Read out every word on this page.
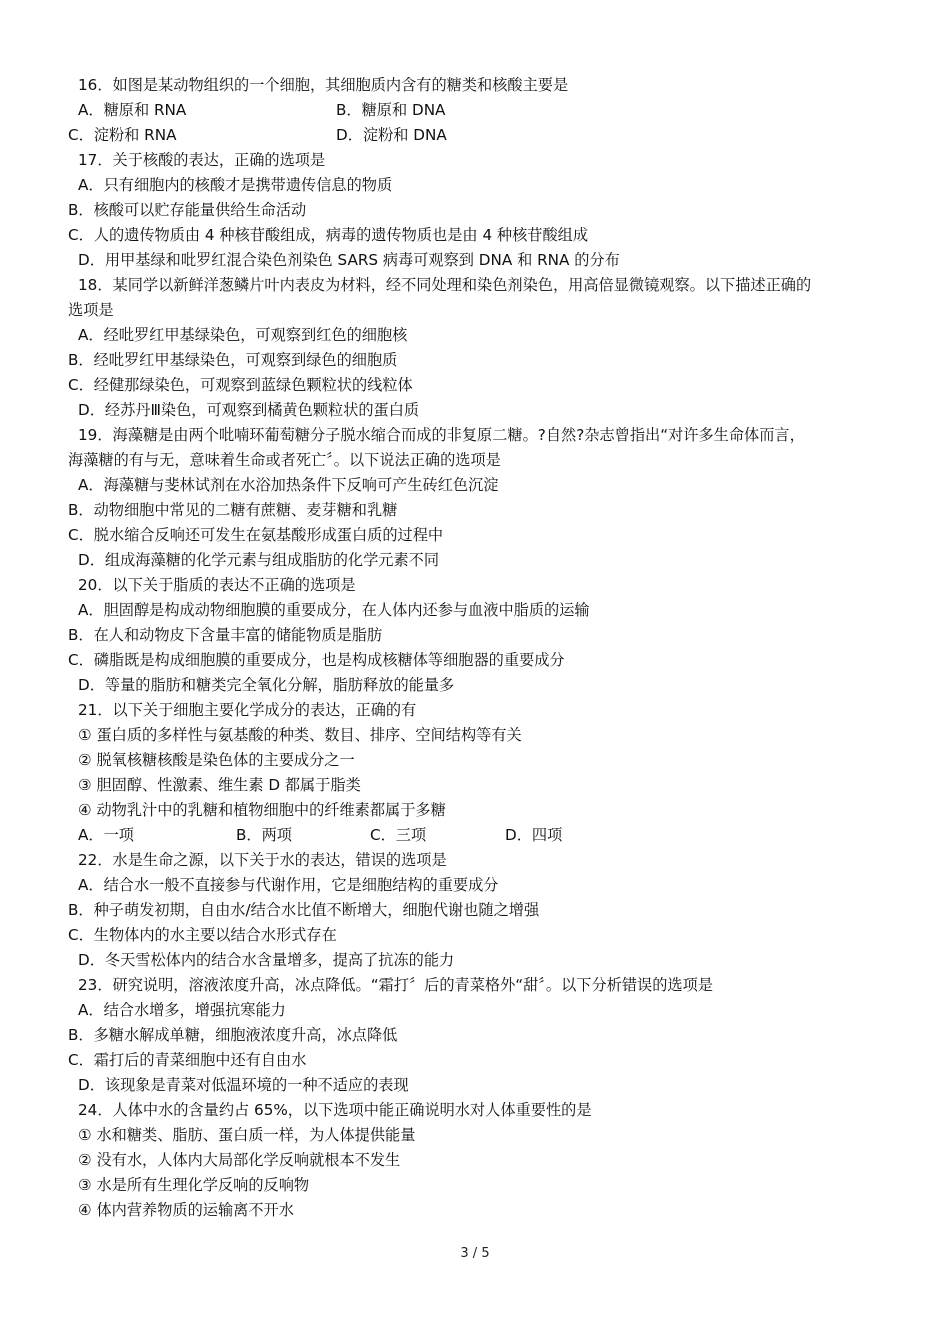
16．如图是某动物组织的一个细胞，其细胞质内含有的糖类和核酸主要是
A．糖原和 RNA	B．糖原和 DNA
C．淀粉和 RNA	D．淀粉和 DNA
17．关于核酸的表达，正确的选项是
A．只有细胞内的核酸才是携带遗传信息的物质
B．核酸可以贮存能量供给生命活动
C．人的遗传物质由 4 种核苷酸组成，病毒的遗传物质也是由 4 种核苷酸组成
D．用甲基绿和吡罗红混合染色剂染色 SARS 病毒可观察到 DNA 和 RNA 的分布
18．某同学以新鲜洋葱鳞片叶内表皮为材料，经不同处理和染色剂染色，用高倍显微镜观察。以下描述正确的
选项是
A．经吡罗红甲基绿染色，可观察到红色的细胞核
B．经吡罗红甲基绿染色，可观察到绿色的细胞质
C．经健那绿染色，可观察到蓝绿色颗粒状的线粒体
D．经苏丹Ⅲ染色，可观察到橘黄色颗粒状的蛋白质
19．海藻糖是由两个吡喃环葡萄糖分子脱水缩合而成的非复原二糖。?自然?杂志曾指出“对许多生命体而言，
海藻糖的有与无，意味着生命或者死亡〞。以下说法正确的选项是
A．海藻糖与斐林试剂在水浴加热条件下反响可产生砖红色沉淀
B．动物细胞中常见的二糖有蔗糖、麦芽糖和乳糖
C．脱水缩合反响还可发生在氨基酸形成蛋白质的过程中
D．组成海藻糖的化学元素与组成脂肪的化学元素不同
20．以下关于脂质的表达不正确的选项是
A．胆固醇是构成动物细胞膜的重要成分，在人体内还参与血液中脂质的运输
B．在人和动物皮下含量丰富的储能物质是脂肪
C．磷脂既是构成细胞膜的重要成分，也是构成核糖体等细胞器的重要成分
D．等量的脂肪和糖类完全氧化分解，脂肪释放的能量多
21．以下关于细胞主要化学成分的表达，正确的有
① 蛋白质的多样性与氨基酸的种类、数目、排序、空间结构等有关
② 脱氧核糖核酸是染色体的主要成分之一
③ 胆固醇、性激素、维生素 D 都属于脂类
④ 动物乳汁中的乳糖和植物细胞中的纤维素都属于多糖
A．一项	B．两项	C．三项	D．四项
22．水是生命之源，以下关于水的表达，错误的选项是
A．结合水一般不直接参与代谢作用，它是细胞结构的重要成分
B．种子萌发初期，自由水/结合水比值不断增大，细胞代谢也随之增强
C．生物体内的水主要以结合水形式存在
D．冬天雪松体内的结合水含量增多，提高了抗冻的能力
23．研究说明，溶液浓度升高，冰点降低。“霜打〞后的青菜格外“甜〞。以下分析错误的选项是
A．结合水增多，增强抗寒能力
B．多糖水解成单糖，细胞液浓度升高，冰点降低
C．霜打后的青菜细胞中还有自由水
D．该现象是青菜对低温环境的一种不适应的表现
24．人体中水的含量约占 65%，以下选项中能正确说明水对人体重要性的是
① 水和糖类、脂肪、蛋白质一样，为人体提供能量
② 没有水，人体内大局部化学反响就根本不发生
③ 水是所有生理化学反响的反响物
④ 体内营养物质的运输离不开水
3 / 5
